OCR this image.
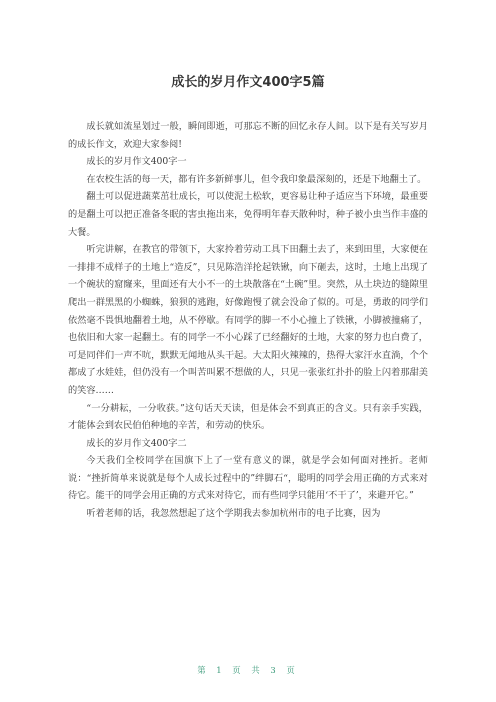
成长的岁月作文400字5篇

成长就如流星划过一般，瞬间即逝，可那忘不断的回忆永存人间。以下是有关写岁月的成长作文，欢迎大家参阅!

成长的岁月作文400字一

在农校生活的每一天，都有许多新鲜事儿，但令我印象最深刻的，还是下地翻土了。

翻土可以促进蔬菜茁壮成长，可以使泥土松软，更容易让种子适应当下环境，最重要的是翻土可以把正准备冬眠的害虫拖出来，免得明年春天散种时，种子被小虫当作丰盛的大餐。

听完讲解，在教官的带领下，大家拎着劳动工具下田翻土去了，来到田里，大家便在一排排不成样子的土地上“造反”，只见陈浩洋抡起铁锹，向下砸去，这时，土地上出现了一个碗状的窟窿来，里面还有大小不一的土块散落在“土碗”里。突然，从土块边的缝隙里爬出一群黑黑的小蜘蛛，狼狈的逃跑，好像跑慢了就会没命了似的。可是，勇敢的同学们依然毫不畏惧地翻着土地，从不停歇。有同学的脚一不小心撞上了铁锹，小脚被撞痛了，也依旧和大家一起翻土。有的同学一不小心踩了已经翻好的土地，大家的努力也白费了，可是同伴们一声不吭，默默无闻地从头干起。大太阳火辣辣的，热得大家汗水直淌，个个都成了水娃娃，但仍没有一个叫苦叫累不想做的人，只见一张张红扑扑的脸上闪着那甜美的笑容……

“一分耕耘，一分收获。”这句话天天读，但是体会不到真正的含义。只有亲手实践，才能体会到农民伯伯种地的辛苦，和劳动的快乐。

成长的岁月作文400字二

今天我们全校同学在国旗下上了一堂有意义的课，就是学会如何面对挫折。老师说：“挫折简单来说就是每个人成长过程中的”绊脚石“，聪明的同学会用正确的方式来对待它。能干的同学会用正确的方式来对待它，而有些同学只能用‘不干了’，来避开它。”

听着老师的话，我忽然想起了这个学期我去参加杭州市的电子比赛，因为

第 1 页 共 3 页
